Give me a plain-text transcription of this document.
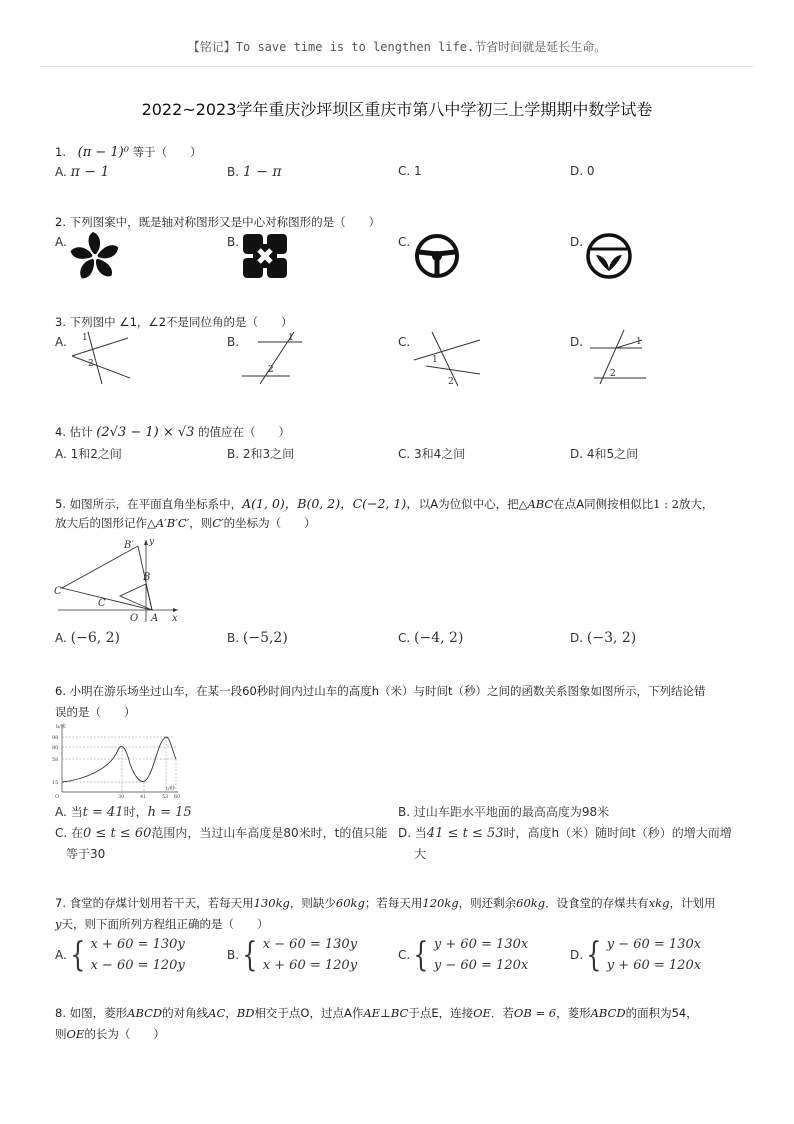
【铭记】To save time is to lengthen life.节省时间就是延长生命。
2022~2023学年重庆沙坪坝区重庆市第八中学初三上学期期中数学试卷
1. (π − 1)⁰ 等于（　　）
A. π − 1	B. 1 − π	C. 1	D. 0
2. 下列图案中，既是轴对称图形又是中心对称图形的是（　　）
A.	B.	C.	D.
3. 下列图中 ∠1，∠2不是同位角的是（　　）
A.	B.	C.	D.
1
2
1
2
1
2
1
2
4. 估计 (2√3 − 1) × √3 的值应在（　　）
A. 1和2之间	B. 2和3之间	C. 3和4之间	D. 4和5之间
5. 如图所示，在平面直角坐标系中，A(1, 0)，B(0, 2)，C(−2, 1)，以A为位似中心，把△ABC在点A同侧按相似比1 : 2放大，
放大后的图形记作△A′B′C′，则C′的坐标为（　　）
B′ y
B
C′
C
O A x
A. (−6, 2)	B. (−5,2)	C. (−4, 2)	D. (−3, 2)
6. 小明在游乐场坐过山车，在某一段60秒时间内过山车的高度h（米）与时间t（秒）之间的函数关系图象如图所示，下列结论错
误的是（　　）
h/米
t/秒
O
98
80
58
15
30	41	53 60
A. 当t = 41时，h = 15	B. 过山车距水平地面的最高高度为98米
C. 在0 ≤ t ≤ 60范围内，当过山车高度是80米时，t的值只能
等于30
D. 当41 ≤ t ≤ 53时，高度h（米）随时间t（秒）的增大而增
大
7. 食堂的存煤计划用若干天，若每天用130kg，则缺少60kg；若每天用120kg，则还剩余60kg．设食堂的存煤共有xkg，计划用
y天，则下面所列方程组正确的是（　　）
A.{ x + 60 = 130y
x − 60 = 120y
B.{ x − 60 = 130y
x + 60 = 120y
C.{ y + 60 = 130x
y − 60 = 120x
D.{ y − 60 = 130x
y + 60 = 120x
8. 如图，菱形ABCD的对角线AC，BD相交于点O，过点A作AE⊥BC于点E，连接OE．若OB = 6，菱形ABCD的面积为54，
则OE的长为（　　）
